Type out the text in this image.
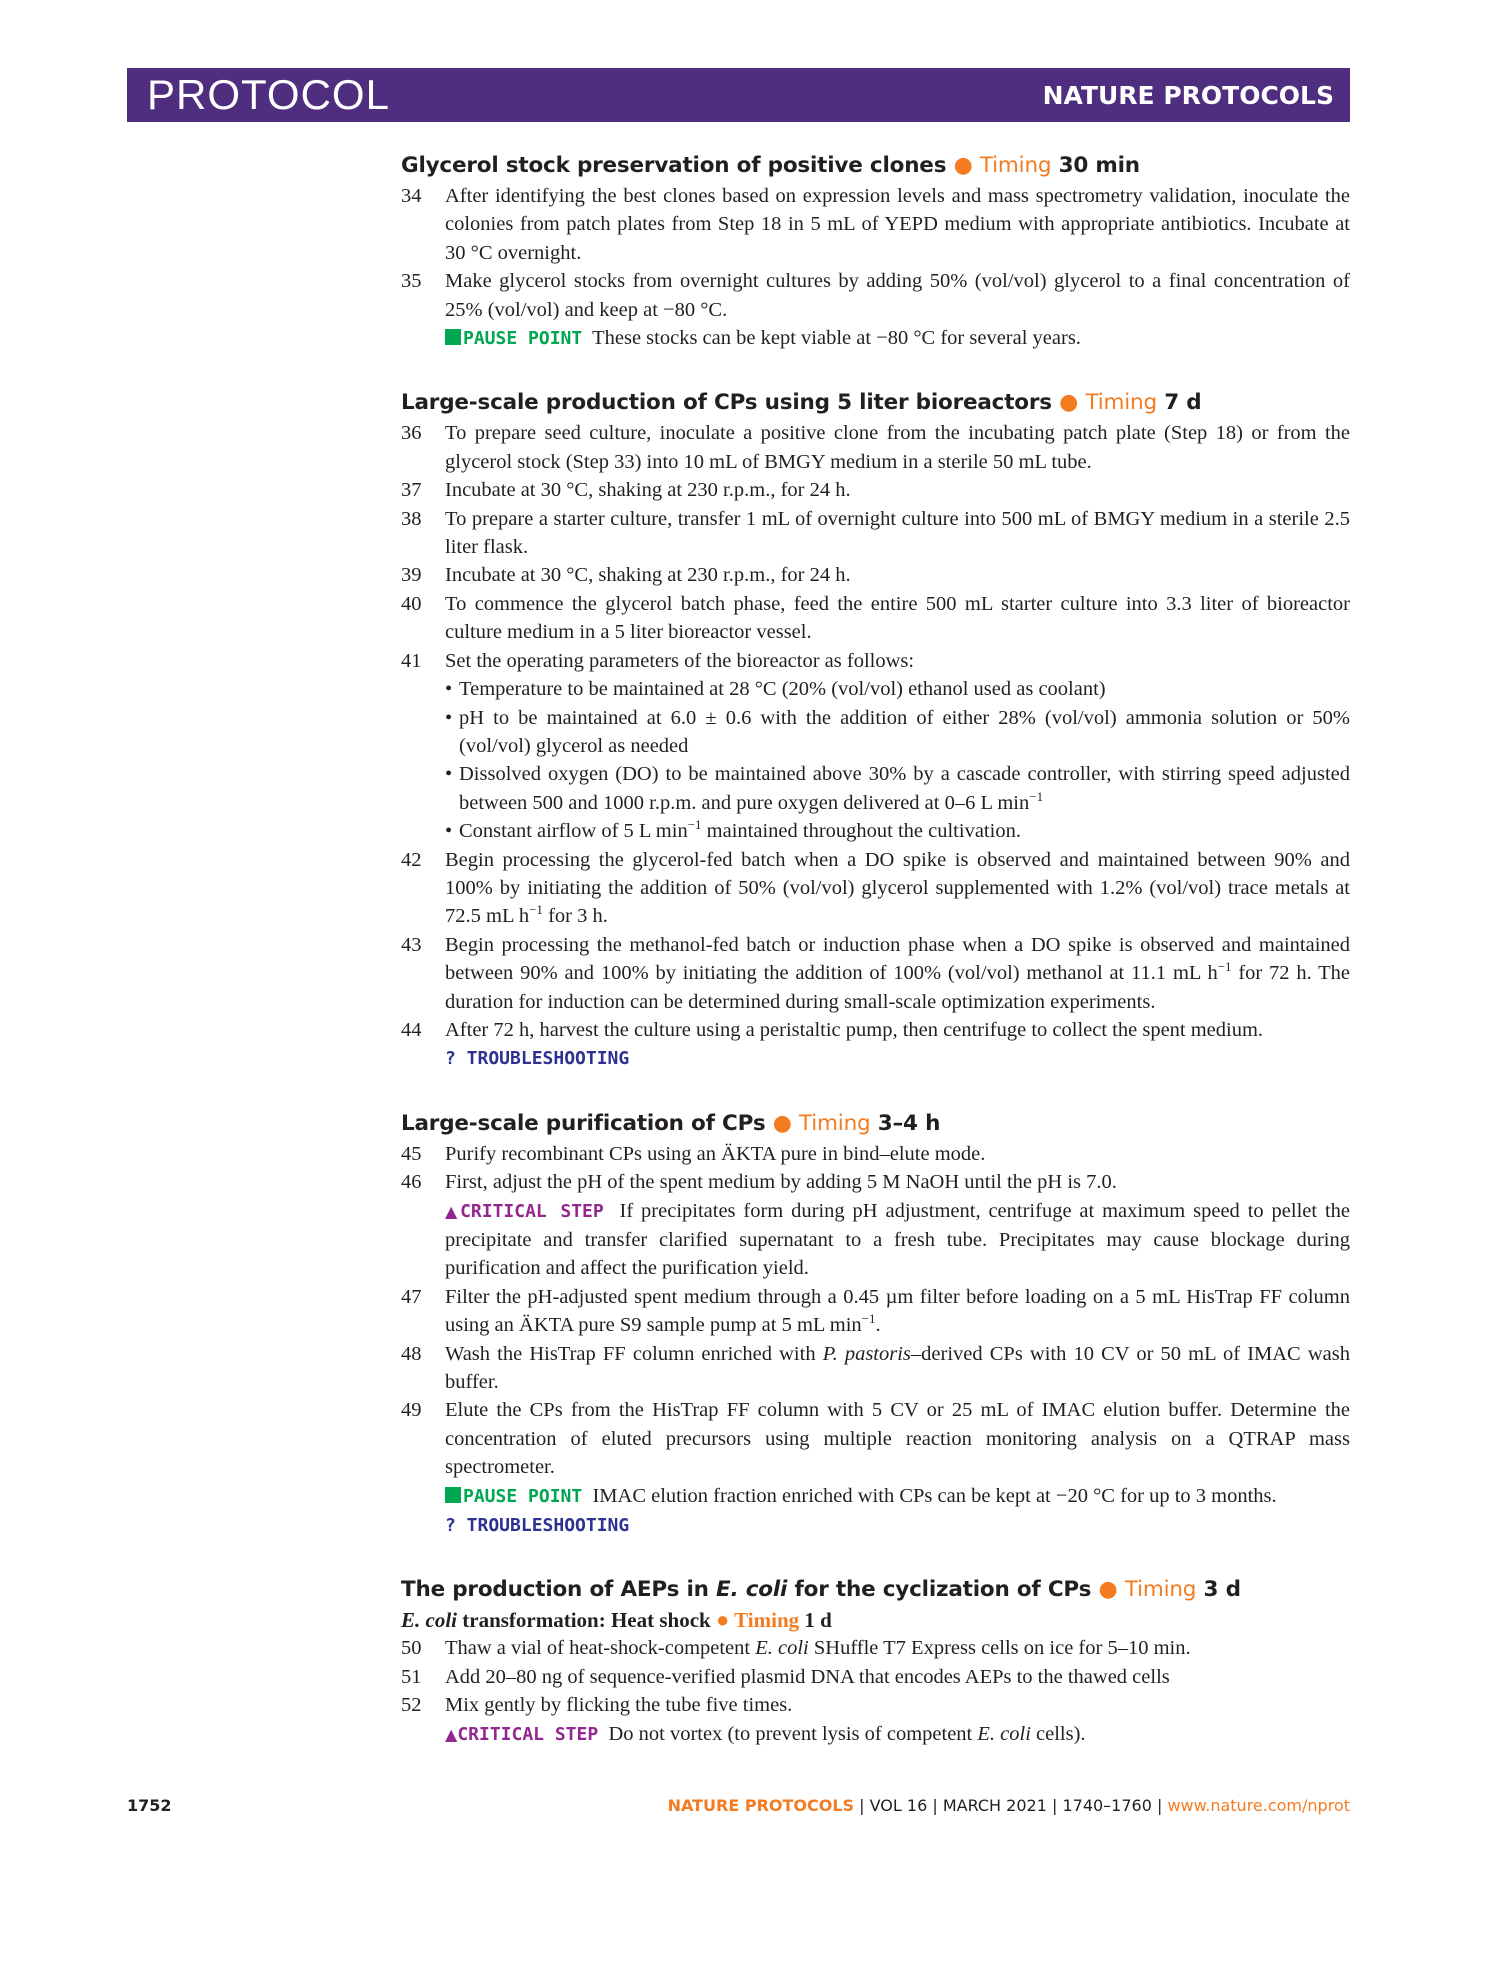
PROTOCOL	NATURE PROTOCOLS
Glycerol stock preservation of positive clones ● Timing 30 min
34	After identifying the best clones based on expression levels and mass spectrometry validation, inoculate the colonies from patch plates from Step 18 in 5 mL of YEPD medium with appropriate antibiotics. Incubate at 30 °C overnight.
35	Make glycerol stocks from overnight cultures by adding 50% (vol/vol) glycerol to a final concentration of 25% (vol/vol) and keep at −80 °C.
PAUSE POINT These stocks can be kept viable at −80 °C for several years.
Large-scale production of CPs using 5 liter bioreactors ● Timing 7 d
36	To prepare seed culture, inoculate a positive clone from the incubating patch plate (Step 18) or from the glycerol stock (Step 33) into 10 mL of BMGY medium in a sterile 50 mL tube.
37	Incubate at 30 °C, shaking at 230 r.p.m., for 24 h.
38	To prepare a starter culture, transfer 1 mL of overnight culture into 500 mL of BMGY medium in a sterile 2.5 liter flask.
39	Incubate at 30 °C, shaking at 230 r.p.m., for 24 h.
40	To commence the glycerol batch phase, feed the entire 500 mL starter culture into 3.3 liter of bioreactor culture medium in a 5 liter bioreactor vessel.
41	Set the operating parameters of the bioreactor as follows:
• Temperature to be maintained at 28 °C (20% (vol/vol) ethanol used as coolant)
• pH to be maintained at 6.0 ± 0.6 with the addition of either 28% (vol/vol) ammonia solution or 50% (vol/vol) glycerol as needed
• Dissolved oxygen (DO) to be maintained above 30% by a cascade controller, with stirring speed adjusted between 500 and 1000 r.p.m. and pure oxygen delivered at 0–6 L $\min^{-1}$
• Constant airflow of 5 L $\min^{-1}$ maintained throughout the cultivation.
42	Begin processing the glycerol-fed batch when a DO spike is observed and maintained between 90% and 100% by initiating the addition of 50% (vol/vol) glycerol supplemented with 1.2% (vol/vol) trace metals at 72.5 mL $h^{-1}$ for 3 h.
43	Begin processing the methanol-fed batch or induction phase when a DO spike is observed and maintained between 90% and 100% by initiating the addition of 100% (vol/vol) methanol at 11.1 mL $h^{-1}$ for 72 h. The duration for induction can be determined during small-scale optimization experiments.
44	After 72 h, harvest the culture using a peristaltic pump, then centrifuge to collect the spent medium.
? TROUBLESHOOTING
Large-scale purification of CPs ● Timing 3–4 h
45	Purify recombinant CPs using an ÄKTA pure in bind–elute mode.
46	First, adjust the pH of the spent medium by adding 5 M NaOH until the pH is 7.0.
▲CRITICAL STEP If precipitates form during pH adjustment, centrifuge at maximum speed to pellet the precipitate and transfer clarified supernatant to a fresh tube. Precipitates may cause blockage during purification and affect the purification yield.
47	Filter the pH-adjusted spent medium through a 0.45 µm filter before loading on a 5 mL HisTrap FF column using an ÄKTA pure S9 sample pump at 5 mL $\min^{-1}$.
48	Wash the HisTrap FF column enriched with P. pastoris–derived CPs with 10 CV or 50 mL of IMAC wash buffer.
49	Elute the CPs from the HisTrap FF column with 5 CV or 25 mL of IMAC elution buffer. Determine the concentration of eluted precursors using multiple reaction monitoring analysis on a QTRAP mass spectrometer.
PAUSE POINT IMAC elution fraction enriched with CPs can be kept at −20 °C for up to 3 months.
? TROUBLESHOOTING
The production of AEPs in E. coli for the cyclization of CPs ● Timing 3 d
E. coli transformation: Heat shock ● Timing 1 d
50	Thaw a vial of heat-shock-competent E. coli SHuffle T7 Express cells on ice for 5–10 min.
51	Add 20–80 ng of sequence-verified plasmid DNA that encodes AEPs to the thawed cells
52	Mix gently by flicking the tube five times.
▲CRITICAL STEP Do not vortex (to prevent lysis of competent E. coli cells).
1752	NATURE PROTOCOLS | VOL 16 | MARCH 2021 | 1740–1760 | www.nature.com/nprot
